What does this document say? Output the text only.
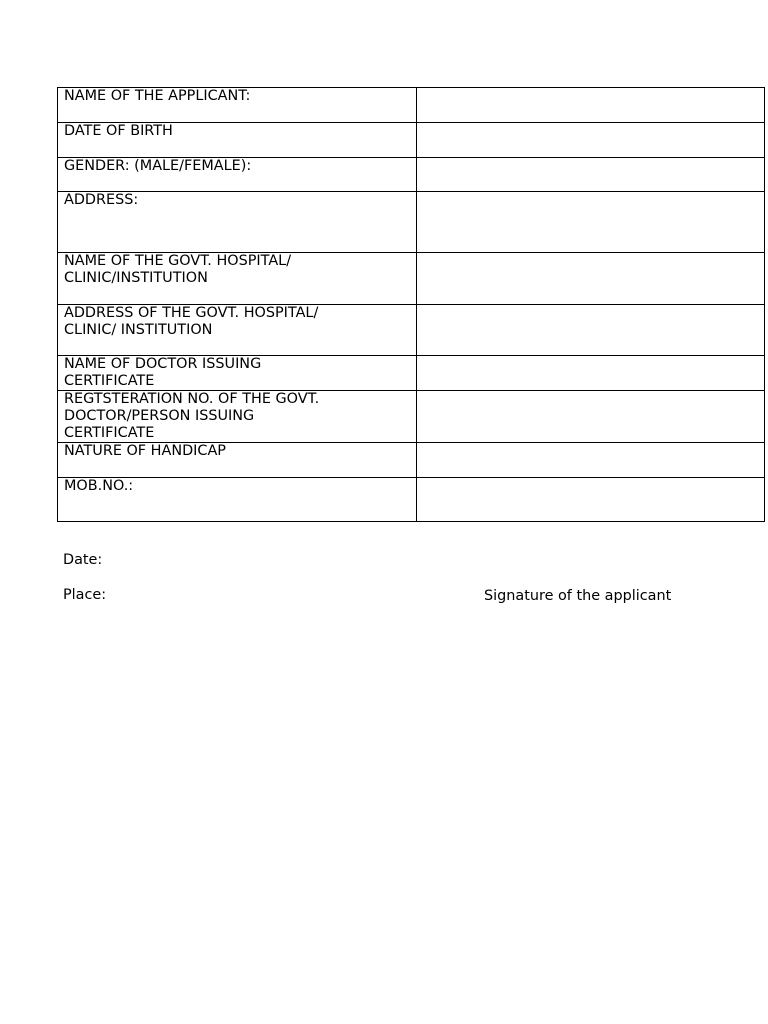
NAME OF THE APPLICANT:	

DATE OF BIRTH	

GENDER: (MALE/FEMALE):	

ADDRESS:	

NAME OF THE GOVT. HOSPITAL/
CLINIC/INSTITUTION	

ADDRESS OF THE GOVT. HOSPITAL/
CLINIC/ INSTITUTION	

NAME OF DOCTOR ISSUING
CERTIFICATE	

REGTSTERATION NO. OF THE GOVT.
DOCTOR/PERSON ISSUING
CERTIFICATE	

NATURE OF HANDICAP	

MOB.NO.:	

Date:
Place:	Signature of the applicant
